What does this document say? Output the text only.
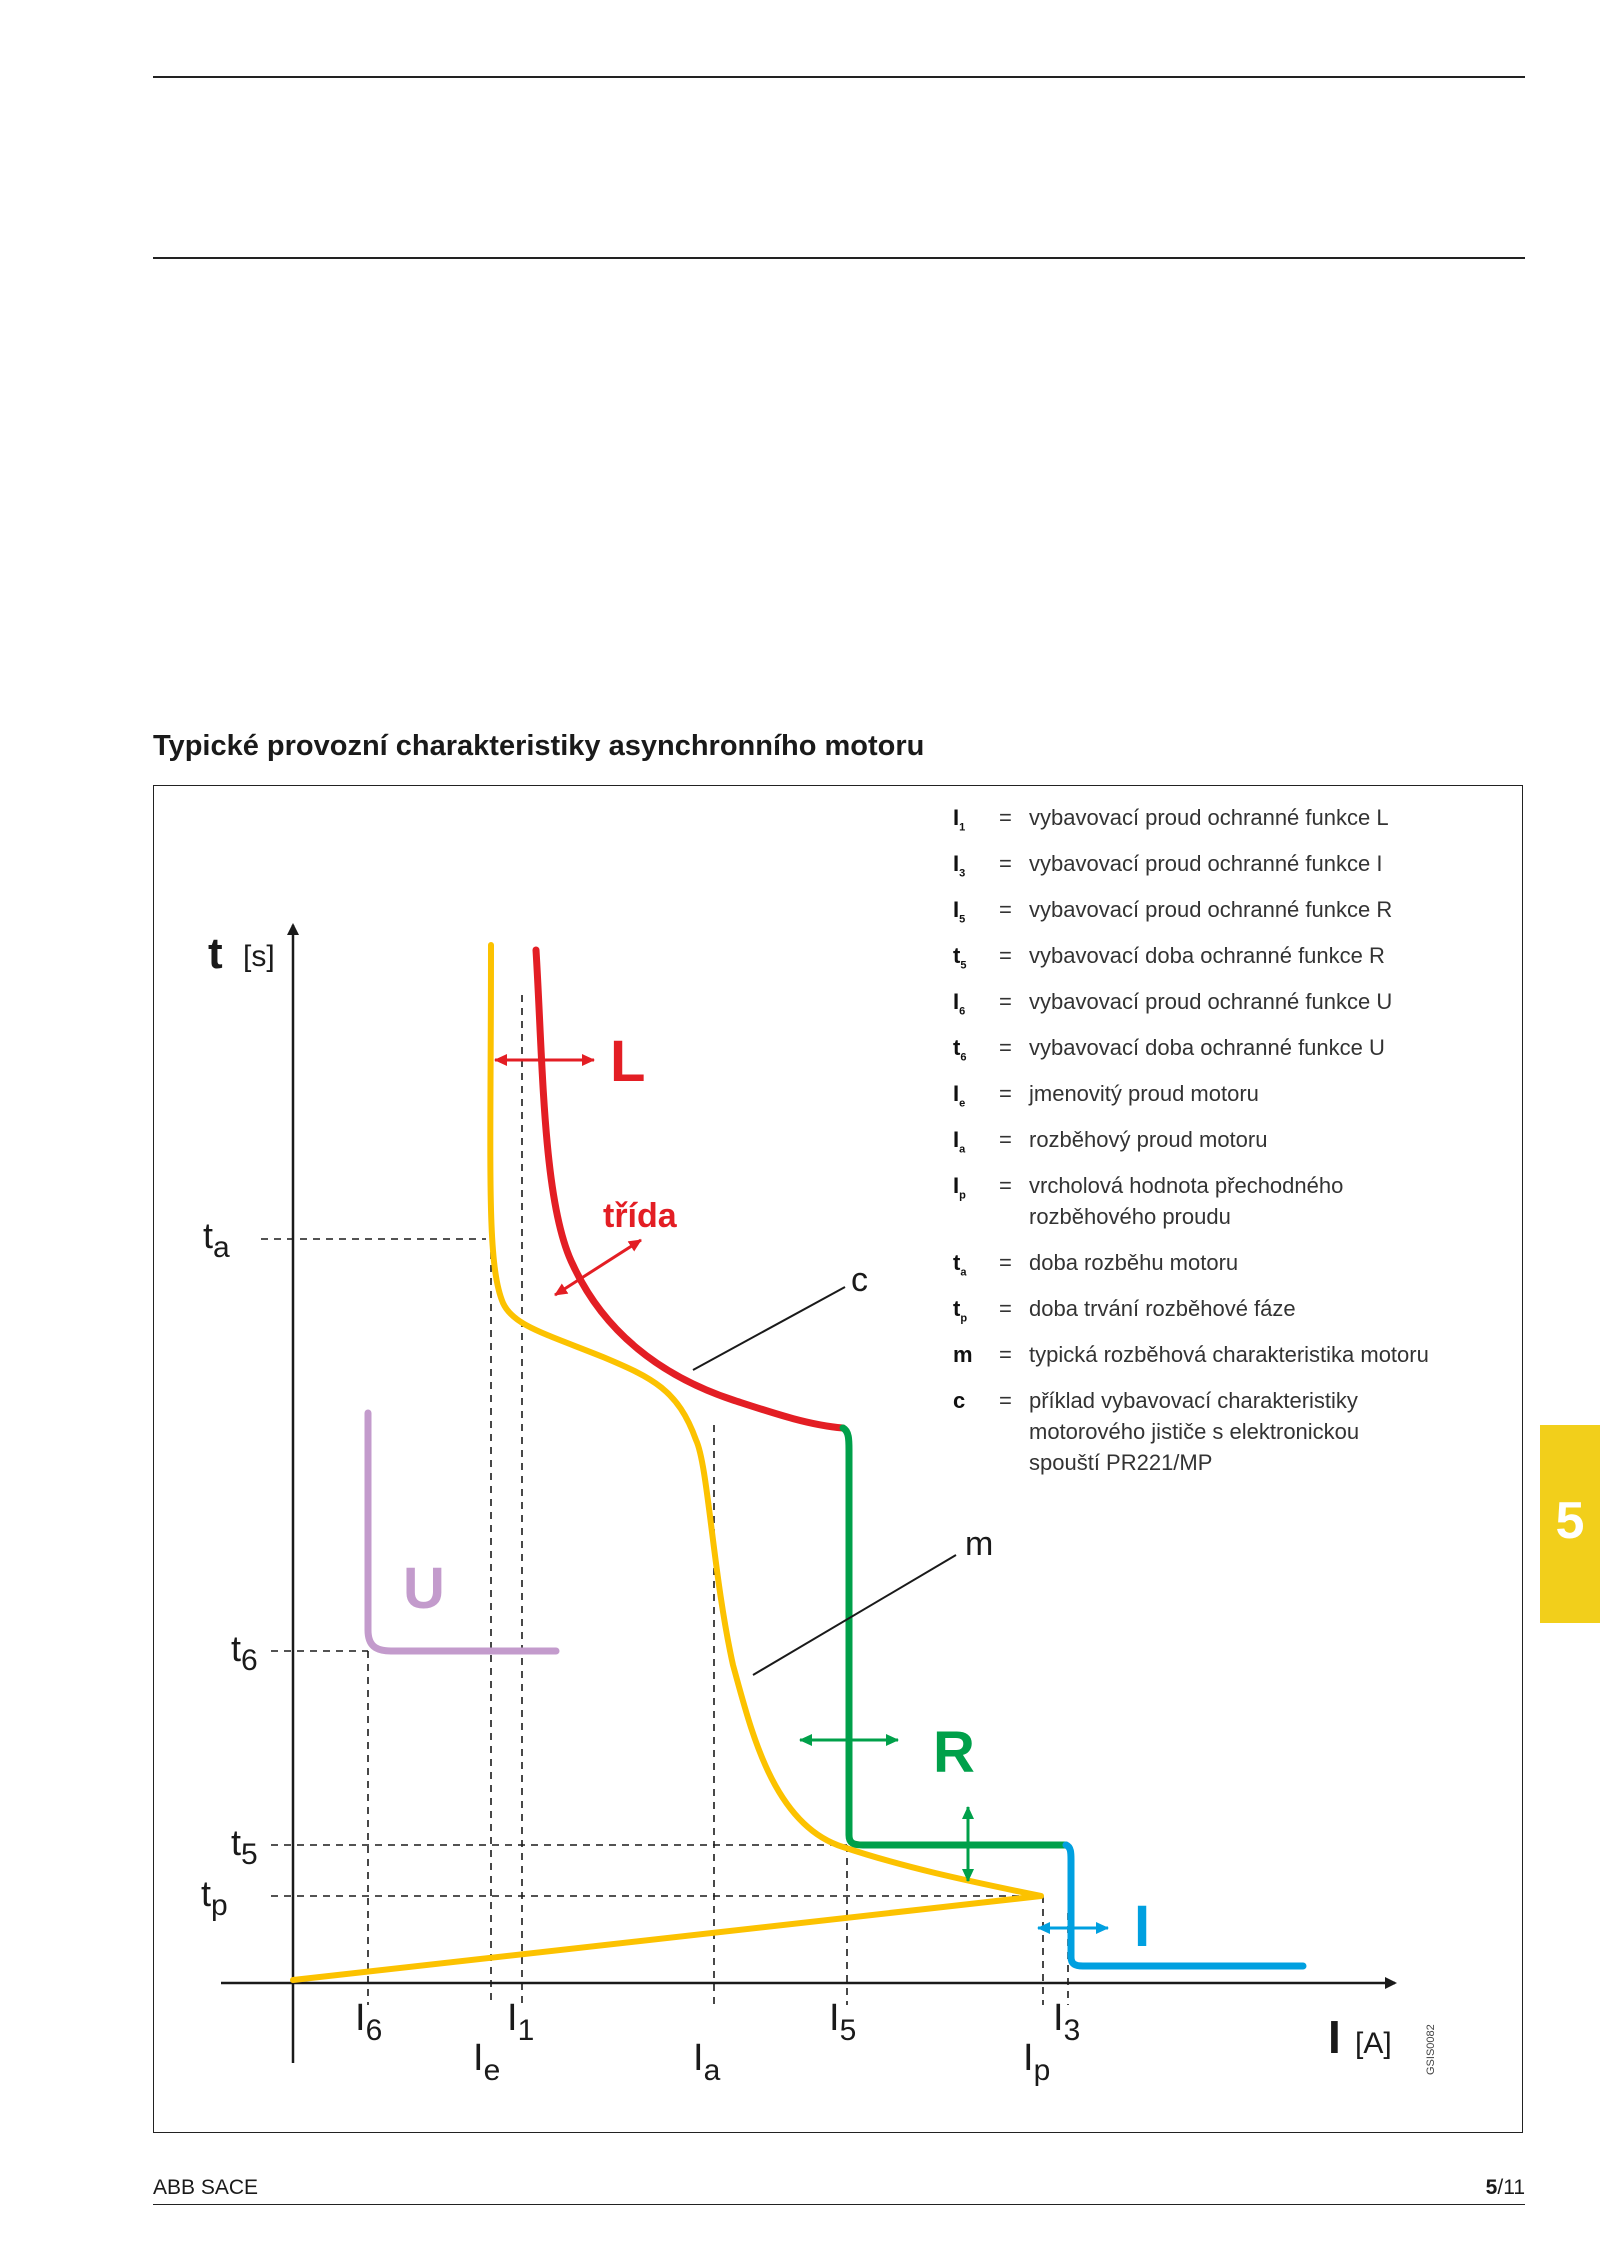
Typické provozní charakteristiky asynchronního motoru
t [s]
I [A]
ta
t6
t5
tp
I6
Ie
I1
Ia
I5
Ip
I3
L
třída
U
R
I
c
m
GSIS0082
$I_1$ = vybavovací proud ochranné funkce L
$I_3$ = vybavovací proud ochranné funkce I
$I_5$ = vybavovací proud ochranné funkce R
$t_5$ = vybavovací doba ochranné funkce R
$I_6$ = vybavovací proud ochranné funkce U
$t_6$ = vybavovací doba ochranné funkce U
$I_e$ = jmenovitý proud motoru
$I_a$ = rozběhový proud motoru
$I_p$ = vrcholová hodnota přechodného rozběhového proudu
$t_a$ = doba rozběhu motoru
$t_p$ = doba trvání rozběhové fáze
m = typická rozběhová charakteristika motoru
c = příklad vybavovací charakteristiky motorového jističe s elektronickou spouští PR221/MP
5
ABB SACE	5/11
